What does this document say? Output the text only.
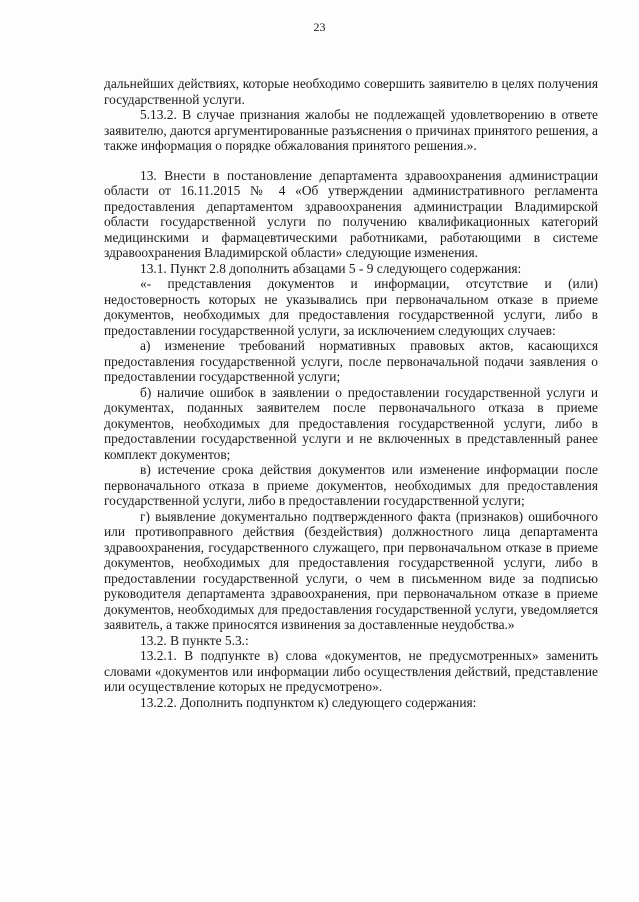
23

дальнейших действиях, которые необходимо совершить заявителю в целях получения государственной услуги.

5.13.2. В случае признания жалобы не подлежащей удовлетворению в ответе заявителю, даются аргументированные разъяснения о причинах принятого решения, а также информация о порядке обжалования принятого решения.».

13. Внести в постановление департамента здравоохранения администрации области от 16.11.2015 № 4 «Об утверждении административного регламента предоставления департаментом здравоохранения администрации Владимирской области государственной услуги по получению квалификационных категорий медицинскими и фармацевтическими работниками, работающими в системе здравоохранения Владимирской области» следующие изменения.

13.1. Пункт 2.8 дополнить абзацами 5 - 9 следующего содержания:

«- представления документов и информации, отсутствие и (или) недостоверность которых не указывались при первоначальном отказе в приеме документов, необходимых для предоставления государственной услуги, либо в предоставлении государственной услуги, за исключением следующих случаев:

а) изменение требований нормативных правовых актов, касающихся предоставления государственной услуги, после первоначальной подачи заявления о предоставлении государственной услуги;

б) наличие ошибок в заявлении о предоставлении государственной услуги и документах, поданных заявителем после первоначального отказа в приеме документов, необходимых для предоставления государственной услуги, либо в предоставлении государственной услуги и не включенных в представленный ранее комплект документов;

в) истечение срока действия документов или изменение информации после первоначального отказа в приеме документов, необходимых для предоставления государственной услуги, либо в предоставлении государственной услуги;

г) выявление документально подтвержденного факта (признаков) ошибочного или противоправного действия (бездействия) должностного лица департамента здравоохранения, государственного служащего, при первоначальном отказе в приеме документов, необходимых для предоставления государственной услуги, либо в предоставлении государственной услуги, о чем в письменном виде за подписью руководителя департамента здравоохранения, при первоначальном отказе в приеме документов, необходимых для предоставления государственной услуги, уведомляется заявитель, а также приносятся извинения за доставленные неудобства.»

13.2. В пункте 5.3.:

13.2.1. В подпункте в) слова «документов, не предусмотренных» заменить словами «документов или информации либо осуществления действий, представление или осуществление которых не предусмотрено».

13.2.2. Дополнить подпунктом к) следующего содержания:
